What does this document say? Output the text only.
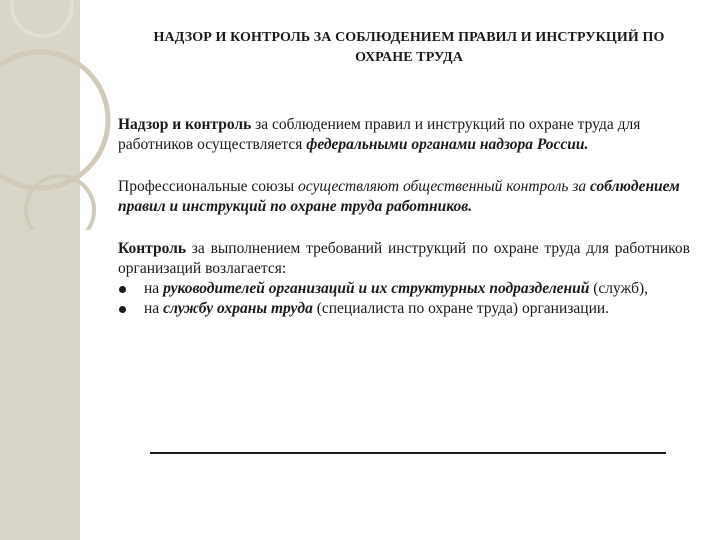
НАДЗОР И КОНТРОЛЬ ЗА СОБЛЮДЕНИЕМ ПРАВИЛ И ИНСТРУКЦИЙ ПО ОХРАНЕ ТРУДА

Надзор и контроль за соблюдением правил и инструкций по охране труда для работников осуществляется федеральными органами надзора России.

Профессиональные союзы осуществляют общественный контроль за соблюдением правил и инструкций по охране труда работников.

Контроль за выполнением требований инструкций по охране труда для работников организаций возлагается:
на руководителей организаций и их структурных подразделений (служб),
на службу охраны труда (специалиста по охране труда) организации.
